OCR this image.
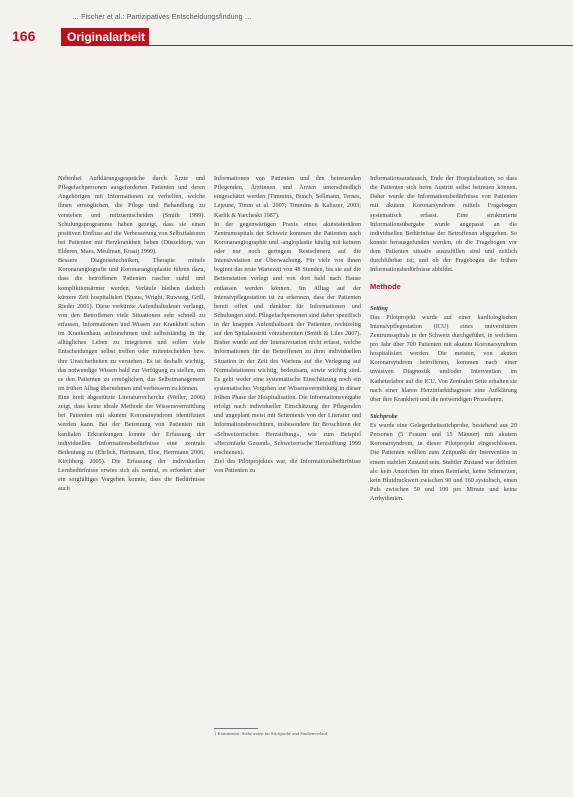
… Fischer et al.: Partizipatives Entscheidungsfindung …
166	Originalarbeit

Nebenbei Aufklärungsgespräche durch Ärzte und Pflegefachpersonen ausgeforderten Patienten und deren Angehörigen mit Informationen zu verhelfen, welche ihnen ermöglichen, die Pflege und Behandlung zu verstehen und mitzuentscheiden (Smith 1999). Schulungsprogramme haben gezeigt, dass sie einen positiven Einfluss auf die Verbesserung von Selbstfaktoren bei Patienten mit Herzkrankheit haben (Düsseldorp, van Elderen, Maes, Meulman, Kraaij 1999).

Bessere Diagnosetechniken, Therapie mittels Koronarangiografie und Koronarangioplastie führen dazu, dass die betroffenen Patienten rascher stabil und kompliktionsärmer werden. Verläufe bleiben dadurch kürzere Zeit hospitalisiert (Spaus, Wright, Ruwweg, Grill, Rieder 2001). Diese verkürzte Aufenthaltsdauer verlangt, von den Betroffenen viele Situationen sehr schnell zu erfassen, Informationen und Wissen zur Krankheit schon im Krankenhaus aufzunehmen und selbstständig in ihr alltägliches Leben zu integrieren und sollen viele Entscheidungen selbst treffen oder mitentscheiden bzw. ihre Unsicherheiten zu verstehen. Es ist deshalb wichtig, das notwendige Wissen bald zur Verfügung zu stellen, um es den Patienten zu ermöglichen, das Selbstmanagement im frühen Alltag übernehmen und verbessern zu können.

Eine breit abgestützte Literaturrecherche (Weller, 2006) zeigt, dass keine ideale Methode der Wissensvermittlung bei Patienten mit akutem Koronarsyndrom identifiziert werden kann. Bei der Betreuung von Patienten mit kardialen Erkrankungen konnte der Erfassung der individuellen Informationsbedürfnisse eine zentrale Bedeutung zu (Ehrlich, Hartmann, Eloe, Herrmann 2006; Kirchberg 2005). Die Erfassung der individuellen Lernbedürfnisse erwies sich als zentral, es erfordert aber ein sorgfältiges Vorgehen konnte, dass die Bedürfnisse auch

Informationen von Patienten und den betreuenden Pflegenden, Ärztinnen und Ärzten unterschiedlich eingeschätzt werden (Timmins, Bunch, Sellmann, Ternes, Lejeune, Timm et al. 2007; Timmins & Kaliszer, 2003; Karlik & Yarcheski 1987).

In der gegenwärtigen Praxis eines akutstationären Zentrumsspitals der Schweiz kommen die Patienten nach Koronarangiographie und -angioplastie häufig mit keinem oder nur noch geringem Restschmerz auf die Intensivstation zur Überwachung. Für viele von ihnen beginnt das erste Wartezeit von 48 Stunden, bis sie auf die Bettenstation verlegt und von dort bald nach Hause entlassen werden können. Im Alltag auf der Intensivpflegestation ist zu erkennen, dass der Patienten bereit offen und dankbar für Informationen und Schulungen sind. Pflegefachpersonen sind daher spezifisch in der knappen Aufenthaltszeit der Patienten, rechtzeitig auf den Spitalaustritt vorzubereiten (Smith & Liles 2007). Bisher wurde auf der Intensivstation nicht erfasst, welche Informationen für die Betroffenen zu ihrer individuellen Situation in der Zeit des Wartens auf die Verlegung auf Normalstationen wichtig, bedeutsam, sowie wichtig sind. Es geht weder eine systematische Einschätzung noch ein systematisches Vorgehen zur Wissensvermittlung in dieser frühen Phase der Hospitalisation. Die Informationsvergabe erfolgt nach individueller Einschätzung der Pflegenden und ungeplant meist mit Seitentexts von der Literatur und Informationsbroschüren, insbesondere für Broschüren der «Schweizerischen Herzstiftung», wie zum Beispiel «Herzinfarkt Gesund», Schweizerische Herzstiftung 1999 erschienen).

Ziel des Pilotprojektes war, die Informationsbedürfnisse von Patienten zu

Informationsaustausch, Ende der Hospitalisation, so dass die Patienten sich beim Austritt selbst betreuen können. Daher wurde die Informationsbedürfnisse von Patienten mit akutem Koronarsyndrom mittels Fragebogen systematisch erfasst. Eine strukturierte Informationsübergabe wurde angepasst an die individuellen Bedürfnisse der Betroffenen abgegeben. So konnte herausgefunden werden, ob die Fragebogen vor dem Patienten situativ auszufüllen sind und zeitlich durchführbar ist; und ob der Fragebogen die frühen Informationsbedürfnisse abbildet.

Methode

Setting

Das Pilotprojekt wurde auf einer kardiologischen Intensivpflegestation (ICU) eines universitären Zentrumsspitals in der Schweiz durchgeführt, in welchem pro Jahr über 700 Patienten mit akutem Koronarsyndrom hospitalisiert werden. Die meisten, von akuten Koronarsyndrom betroffenen, kommen nach einer invasiven Diagnostik und/oder Intervention im Katheterlabor auf die ICU. Von Zentralen Seite erhalten sie nach einer klaren Herzinfarktdiagnose eine Aufklärung über ihre Krankheit und die notwendigen Prozeduren.

Stichprobe

Es wurde eine Gelegenheitsstichprobe, bestehend aus 20 Personen (5 Frauen und 15 Männer) mit akutem Koronarsyndrom, in dieser Pilotprojekt eingeschlossen. Die Patienten wollten zum Zeitpunkt der Intervention in einem stabilen Zustand sein. Stabiler Zustand war definiert als: kein Anzeichen für einen Reinfarkt, keine Schmerzen, kein Blutdruckwert zwischen 90 und 160 systolisch, einen Puls zwischen 50 und 100 pro Minute und keine Arrhythmien.

1 Kommentar: Siehe unten für Stichprobe und Studienverlauf.
